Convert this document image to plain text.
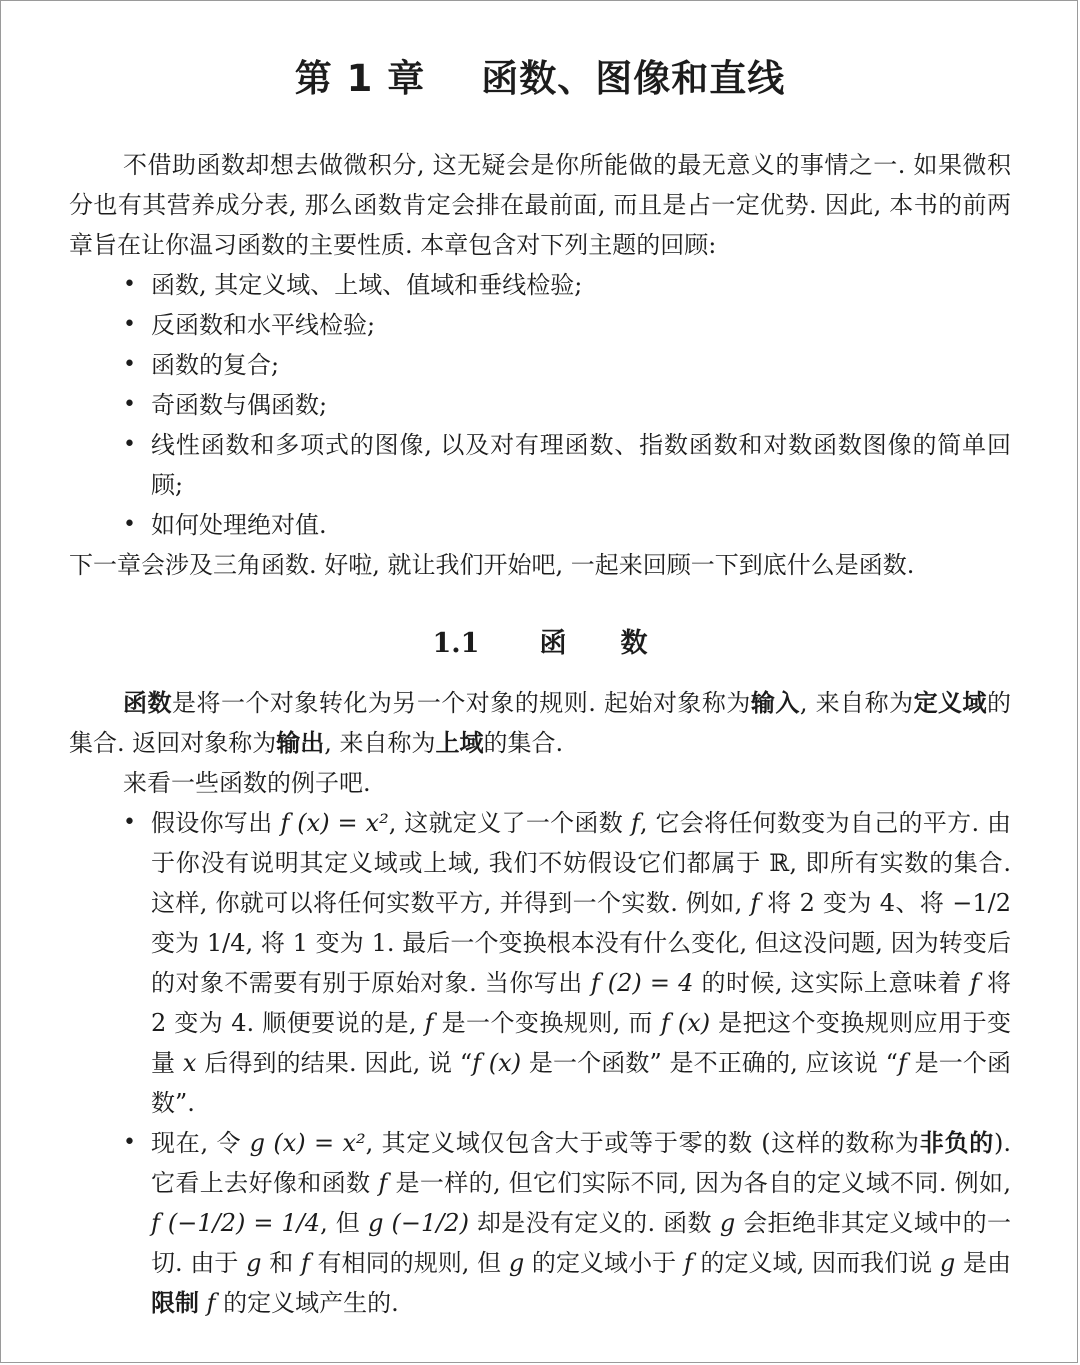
第 1 章 函数、图像和直线

不借助函数却想去做微积分, 这无疑会是你所能做的最无意义的事情之一. 如果微积分也有其营养成分表, 那么函数肯定会排在最前面, 而且是占一定优势. 因此, 本书的前两章旨在让你温习函数的主要性质. 本章包含对下列主题的回顾:

• 函数, 其定义域、上域、值域和垂线检验;
• 反函数和水平线检验;
• 函数的复合;
• 奇函数与偶函数;
• 线性函数和多项式的图像, 以及对有理函数、指数函数和对数函数图像的简单回顾;
• 如何处理绝对值.

下一章会涉及三角函数. 好啦, 就让我们开始吧, 一起来回顾一下到底什么是函数.

1.1 函 数

函数是将一个对象转化为另一个对象的规则. 起始对象称为输入, 来自称为定义域的集合. 返回对象称为输出, 来自称为上域的集合.

来看一些函数的例子吧.

• 假设你写出 f (x) = x², 这就定义了一个函数 f, 它会将任何数变为自己的平方. 由于你没有说明其定义域或上域, 我们不妨假设它们都属于 ℝ, 即所有实数的集合. 这样, 你就可以将任何实数平方, 并得到一个实数. 例如, f 将 2 变为 4、将 −1/2 变为 1/4, 将 1 变为 1. 最后一个变换根本没有什么变化, 但这没问题, 因为转变后的对象不需要有别于原始对象. 当你写出 f (2) = 4 的时候, 这实际上意味着 f 将 2 变为 4. 顺便要说的是, f 是一个变换规则, 而 f (x) 是把这个变换规则应用于变量 x 后得到的结果. 因此, 说 “f (x) 是一个函数” 是不正确的, 应该说 “f 是一个函数”.
• 现在, 令 g (x) = x², 其定义域仅包含大于或等于零的数 (这样的数称为非负的). 它看上去好像和函数 f 是一样的, 但它们实际不同, 因为各自的定义域不同. 例如, f (−1/2) = 1/4, 但 g (−1/2) 却是没有定义的. 函数 g 会拒绝非其定义域中的一切. 由于 g 和 f 有相同的规则, 但 g 的定义域小于 f 的定义域, 因而我们说 g 是由限制 f 的定义域产生的.
